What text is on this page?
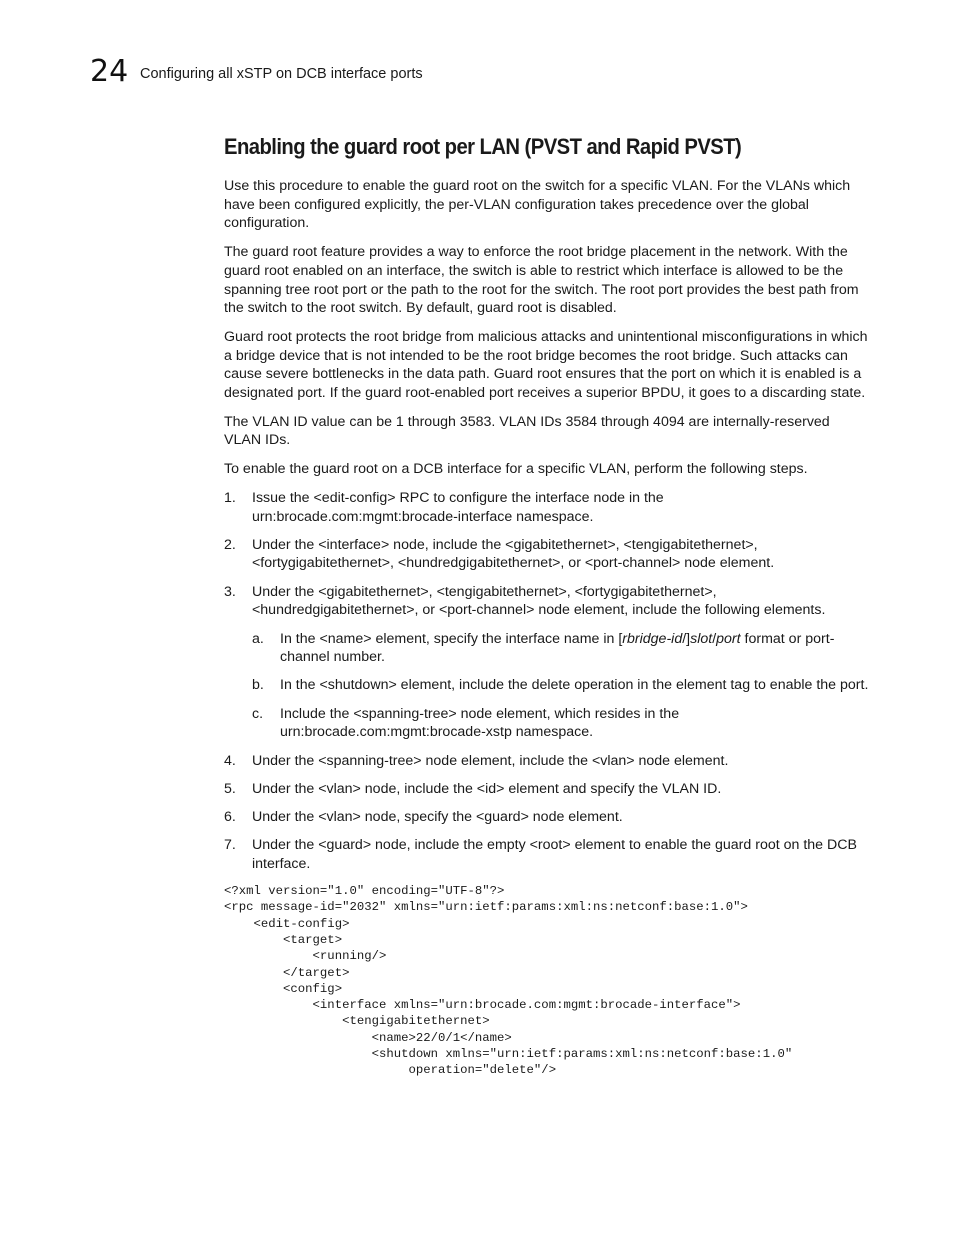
24 Configuring all xSTP on DCB interface ports
Enabling the guard root per LAN (PVST and Rapid PVST)

Use this procedure to enable the guard root on the switch for a specific VLAN. For the VLANs which have been configured explicitly, the per-VLAN configuration takes precedence over the global configuration.

The guard root feature provides a way to enforce the root bridge placement in the network. With the guard root enabled on an interface, the switch is able to restrict which interface is allowed to be the spanning tree root port or the path to the root for the switch. The root port provides the best path from the switch to the root switch. By default, guard root is disabled.

Guard root protects the root bridge from malicious attacks and unintentional misconfigurations in which a bridge device that is not intended to be the root bridge becomes the root bridge. Such attacks can cause severe bottlenecks in the data path. Guard root ensures that the port on which it is enabled is a designated port. If the guard root-enabled port receives a superior BPDU, it goes to a discarding state.

The VLAN ID value can be 1 through 3583. VLAN IDs 3584 through 4094 are internally-reserved VLAN IDs.

To enable the guard root on a DCB interface for a specific VLAN, perform the following steps.

1. Issue the <edit-config> RPC to configure the interface node in the urn:brocade.com:mgmt:brocade-interface namespace.
2. Under the <interface> node, include the <gigabitethernet>, <tengigabitethernet>, <fortygigabitethernet>, <hundredgigabitethernet>, or <port-channel> node element.
3. Under the <gigabitethernet>, <tengigabitethernet>, <fortygigabitethernet>, <hundredgigabitethernet>, or <port-channel> node element, include the following elements.
a. In the <name> element, specify the interface name in [rbridge-id/]slot/port format or port-channel number.
b. In the <shutdown> element, include the delete operation in the element tag to enable the port.
c. Include the <spanning-tree> node element, which resides in the urn:brocade.com:mgmt:brocade-xstp namespace.
4. Under the <spanning-tree> node element, include the <vlan> node element.
5. Under the <vlan> node, include the <id> element and specify the VLAN ID.
6. Under the <vlan> node, specify the <guard> node element.
7. Under the <guard> node, include the empty <root> element to enable the guard root on the DCB interface.
<?xml version="1.0" encoding="UTF-8"?>
<rpc message-id="2032" xmlns="urn:ietf:params:xml:ns:netconf:base:1.0">
<edit-config>
<target>
<running/>
</target>
<config>
<interface xmlns="urn:brocade.com:mgmt:brocade-interface">
<tengigabitethernet>
<name>22/0/1</name>
<shutdown xmlns="urn:ietf:params:xml:ns:netconf:base:1.0"
operation="delete"/>
